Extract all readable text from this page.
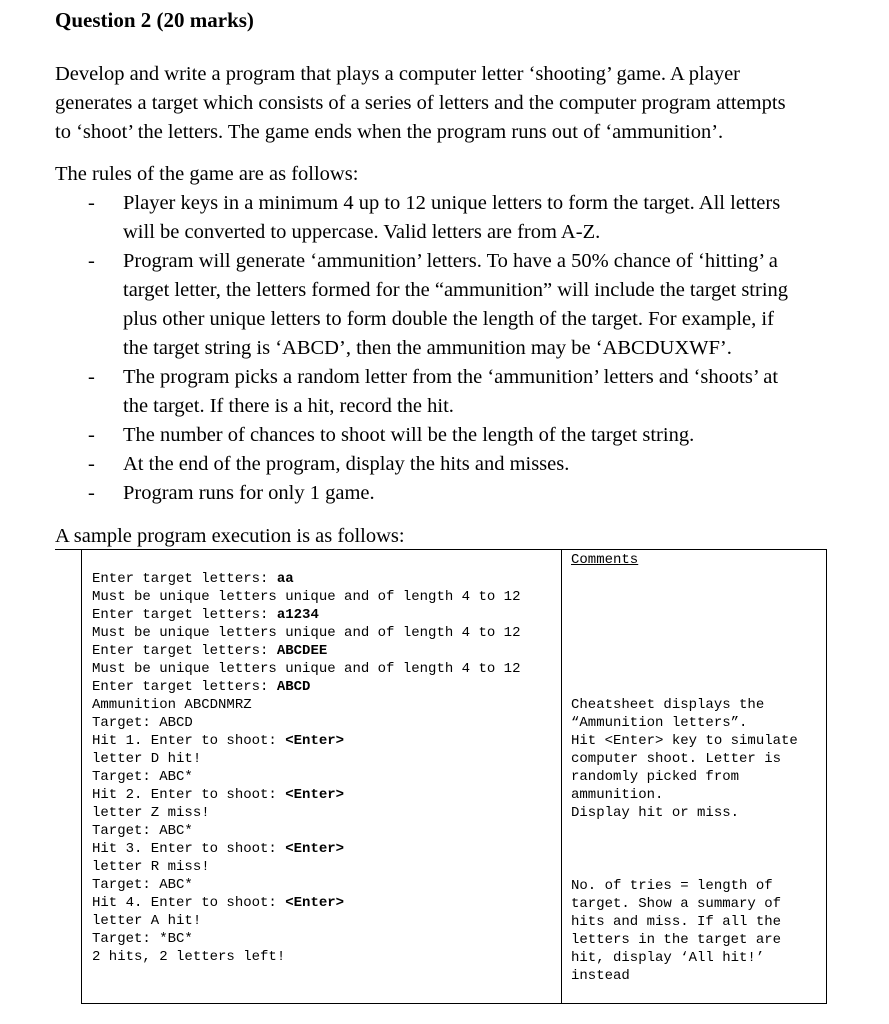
Question 2 (20 marks)
Develop and write a program that plays a computer letter ‘shooting’ game. A player
generates a target which consists of a series of letters and the computer program attempts
to ‘shoot’ the letters. The game ends when the program runs out of ‘ammunition’.
The rules of the game are as follows:
- Player keys in a minimum 4 up to 12 unique letters to form the target. All letters
will be converted to uppercase. Valid letters are from A-Z.
- Program will generate ‘ammunition’ letters. To have a 50% chance of ‘hitting’ a
target letter, the letters formed for the “ammunition” will include the target string
plus other unique letters to form double the length of the target. For example, if
the target string is ‘ABCD’, then the ammunition may be ‘ABCDUXWF’.
- The program picks a random letter from the ‘ammunition’ letters and ‘shoots’ at
the target. If there is a hit, record the hit.
- The number of chances to shoot will be the length of the target string.
- At the end of the program, display the hits and misses.
- Program runs for only 1 game.
A sample program execution is as follows:
Enter target letters: aa
Must be unique letters unique and of length 4 to 12
Enter target letters: a1234
Must be unique letters unique and of length 4 to 12
Enter target letters: ABCDEE
Must be unique letters unique and of length 4 to 12
Enter target letters: ABCD
Ammunition ABCDNMRZ
Target: ABCD
Hit 1. Enter to shoot: <Enter>
letter D hit!
Target: ABC*
Hit 2. Enter to shoot: <Enter>
letter Z miss!
Target: ABC*
Hit 3. Enter to shoot: <Enter>
letter R miss!
Target: ABC*
Hit 4. Enter to shoot: <Enter>
letter A hit!
Target: *BC*
2 hits, 2 letters left!
Comments
Cheatsheet displays the
“Ammunition letters”.
Hit <Enter> key to simulate
computer shoot. Letter is
randomly picked from
ammunition.
Display hit or miss.
No. of tries = length of
target. Show a summary of
hits and miss. If all the
letters in the target are
hit, display ‘All hit!’
instead
